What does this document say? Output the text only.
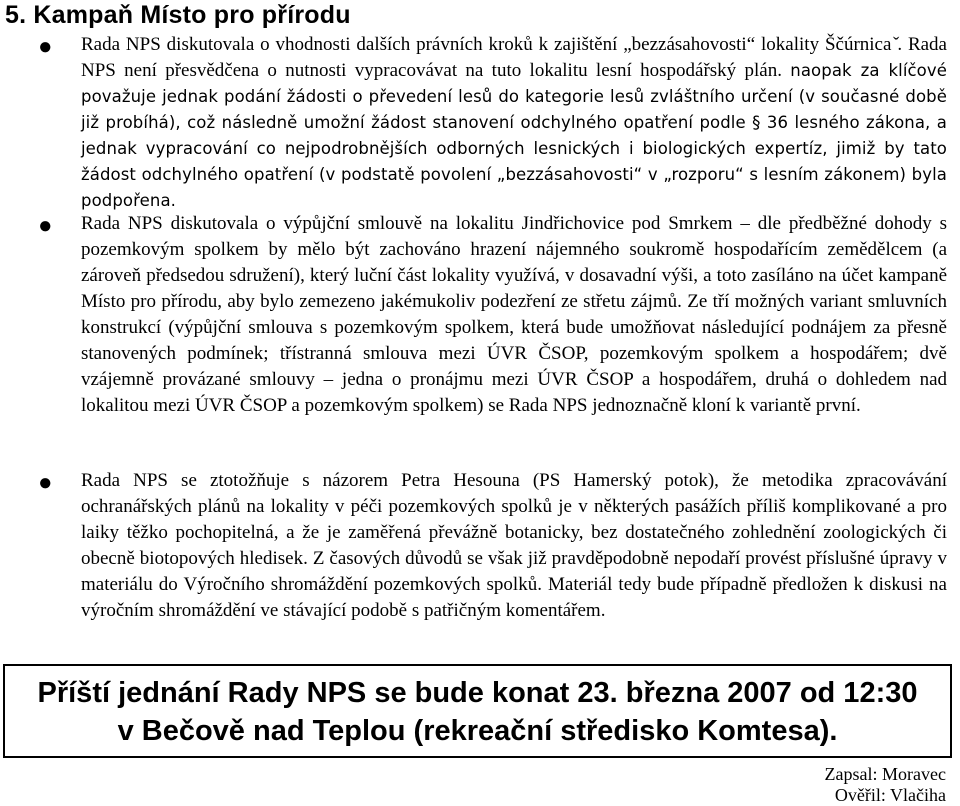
5. Kampaň Místo pro přírodu
● Rada NPS diskutovala o vhodnosti dalších právních kroků k zajištění „bezzásahovosti“ lokality Ščúrnica ̌. Rada NPS není přesvědčena o nutnosti vypracovávat na tuto lokalitu lesní hospodářský plán. naopak za klíčové považuje jednak podání žádosti o převedení lesů do kategorie lesů zvláštního určení (v současné době již probíhá), což následně umožní žádost stanovení odchylného opatření podle § 36 lesného zákona, a jednak vypracování co nejpodrobnějších odborných lesnických i biologických expertíz, jimiž by tato žádost odchylného opatření (v podstatě povolení „bezzásahovosti“ v „rozporu“ s lesním zákonem) byla podpořena.

● Rada NPS diskutovala o výpůjční smlouvě na lokalitu Jindřichovice pod Smrkem – dle předběžné dohody s pozemkovým spolkem by mělo být zachováno hrazení nájemného soukromě hospodařícím zemědělcem (a zároveň předsedou sdružení), který luční část lokality využívá, v dosavadní výši, a toto zasíláno na účet kampaně Místo pro přírodu, aby bylo zemezeno jakémukoliv podezření ze střetu zájmů. Ze tří možných variant smluvních konstrukcí (výpůjční smlouva s pozemkovým spolkem, která bude umožňovat následující podnájem za přesně stanovených podmínek; třístranná smlouva mezi ÚVR ČSOP, pozemkovým spolkem a hospodářem; dvě vzájemně provázané smlouvy – jedna o pronájmu mezi ÚVR ČSOP a hospodářem, druhá o dohledem nad lokalitou mezi ÚVR ČSOP a pozemkovým spolkem) se Rada NPS jednoznačně kloní k variantě první.

● Rada NPS se ztotožňuje s názorem Petra Hesouna (PS Hamerský potok), že metodika zpracovávání ochranářských plánů na lokality v péči pozemkových spolků je v některých pasážích příliš komplikované a pro laiky těžko pochopitelná, a že je zaměřená převážně botanicky, bez dostatečného zohlednění zoologických či obecně biotopových hledisek. Z časových důvodů se však již pravděpodobně nepodaří provést příslušné úpravy v materiálu do Výročního shromáždění pozemkových spolků. Materiál tedy bude případně předložen k diskusi na výročním shromáždění ve stávající podobě s patřičným komentářem.

Příští jednání Rady NPS se bude konat 23. března 2007 od 12:30
v Bečově nad Teplou (rekreační středisko Komtesa).
Zapsal: Moravec
Ověřil: Vlačiha
